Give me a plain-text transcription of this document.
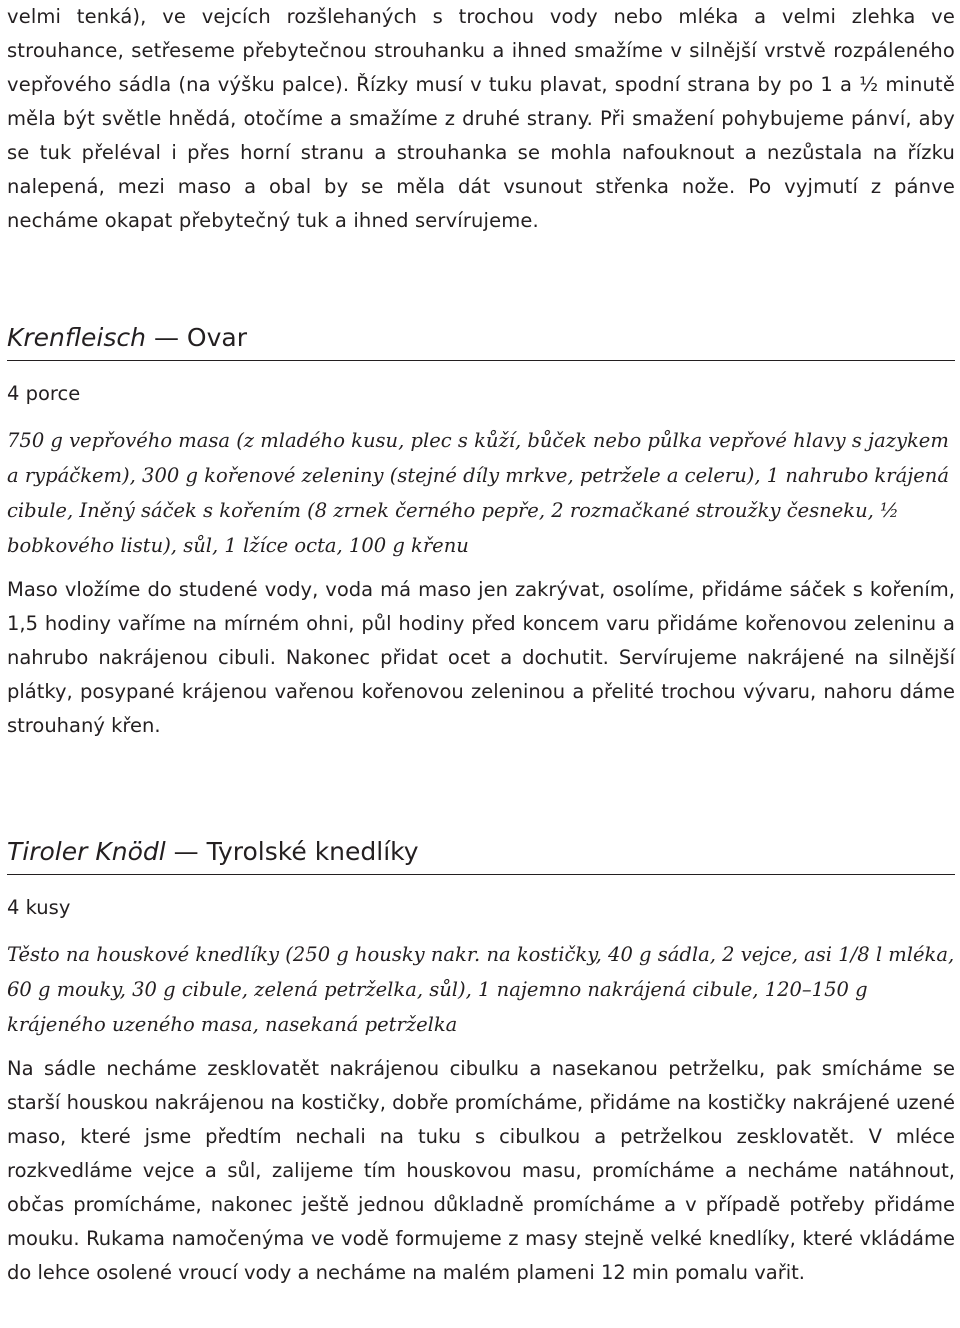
velmi tenká), ve vejcích rozšlehaných s trochou vody nebo mléka a velmi zlehka ve strouhance, setřeseme přebytečnou strouhanku a ihned smažíme v silnější vrstvě rozpáleného vepřového sádla (na výšku palce). Řízky musí v tuku plavat, spodní strana by po 1 a ½ minutě měla být světle hnědá, otočíme a smažíme z druhé strany. Při smažení pohybujeme pánví, aby se tuk přeléval i přes horní stranu a strouhanka se mohla nafouknout a nezůstala na řízku nalepená, mezi maso a obal by se měla dát vsunout střenka nože. Po vyjmutí z pánve necháme okapat přebytečný tuk a ihned servírujeme.

Krenfleisch — Ovar

4 porce

750 g vepřového masa (z mladého kusu, plec s kůží, bůček nebo půlka vepřové hlavy s jazykem a rypáčkem), 300 g kořenové zeleniny (stejné díly mrkve, petržele a celeru), 1 nahrubo krájená cibule, Iněný sáček s kořením (8 zrnek černého pepře, 2 rozmačkané stroužky česneku, ½ bobkového listu), sůl, 1 lžíce octa, 100 g křenu

Maso vložíme do studené vody, voda má maso jen zakrývat, osolíme, přidáme sáček s kořením, 1,5 hodiny vaříme na mírném ohni, půl hodiny před koncem varu přidáme kořenovou zeleninu a nahrubo nakrájenou cibuli. Nakonec přidat ocet a dochutit. Servírujeme nakrájené na silnější plátky, posypané krájenou vařenou kořenovou zeleninou a přelité trochou vývaru, nahoru dáme strouhaný křen.

Tiroler Knödl — Tyrolské knedlíky

4 kusy

Těsto na houskové knedlíky (250 g housky nakr. na kostičky, 40 g sádla, 2 vejce, asi 1/8 l mléka, 60 g mouky, 30 g cibule, zelená petrželka, sůl), 1 najemno nakrájená cibule, 120–150 g krájeného uzeného masa, nasekaná petrželka

Na sádle necháme zesklovatět nakrájenou cibulku a nasekanou petrželku, pak smícháme se starší houskou nakrájenou na kostičky, dobře promícháme, přidáme na kostičky nakrájené uzené maso, které jsme předtím nechali na tuku s cibulkou a petrželkou zesklovatět. V mléce rozkvedláme vejce a sůl, zalijeme tím houskovou masu, promícháme a necháme natáhnout, občas promícháme, nakonec ještě jednou důkladně promícháme a v případě potřeby přidáme mouku. Rukama namočenýma ve vodě formujeme z masy stejně velké knedlíky, které vkládáme do lehce osolené vroucí vody a necháme na malém plameni 12 min pomalu vařit.
